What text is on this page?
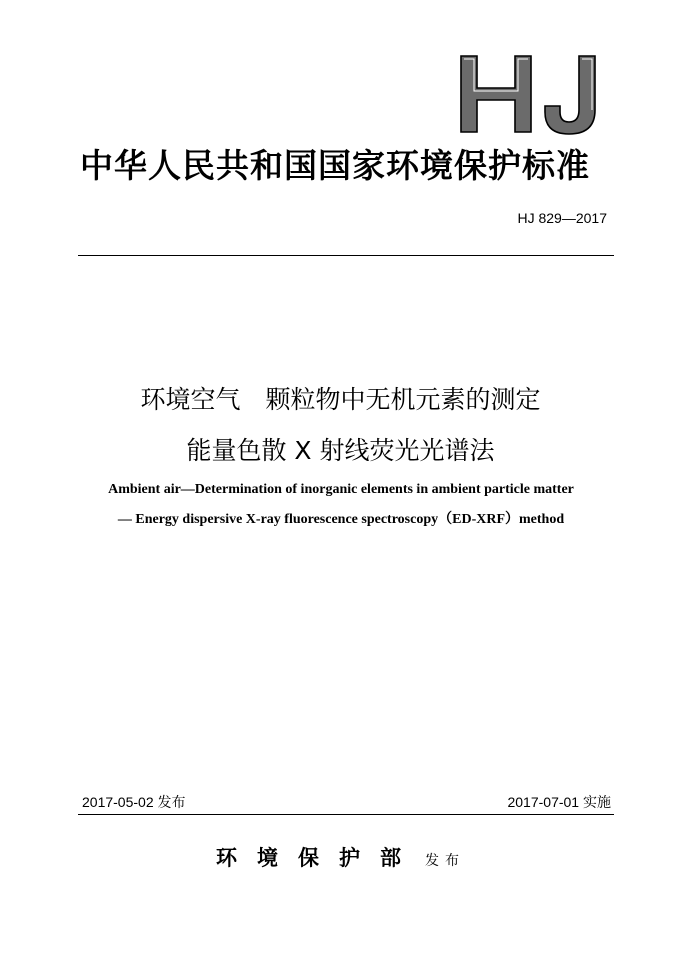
中华人民共和国国家环境保护标准
HJ 829—2017
环境空气　颗粒物中无机元素的测定
能量色散 X 射线荧光光谱法
Ambient air—Determination of inorganic elements in ambient particle matter
— Energy dispersive X-ray fluorescence spectroscopy（ED-XRF）method
2017-05-02 发布	2017-07-01 实施
环境保护部 发布
